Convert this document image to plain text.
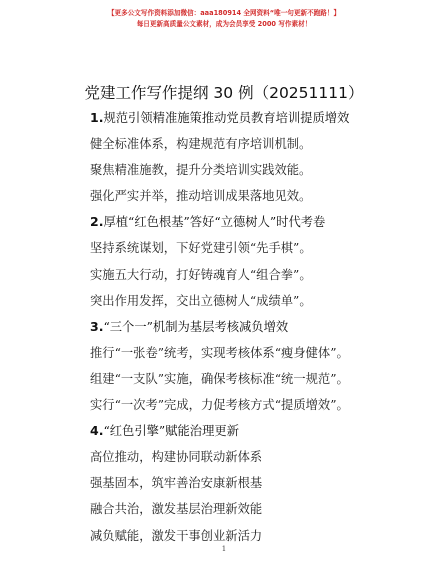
【更多公文写作资料添加微信：aaa180914 全网资料“唯一句更新不跑路！】
每日更新高质量公文素材，成为会员享受 2000 写作素材！
党建工作写作提纲 30 例（20251111）
1.规范引领精准施策推动党员教育培训提质增效
健全标准体系，构建规范有序培训机制。
聚焦精准施教，提升分类培训实践效能。
强化严实并举，推动培训成果落地见效。
2.厚植“红色根基”答好“立德树人”时代考卷
坚持系统谋划，下好党建引领“先手棋”。
实施五大行动，打好铸魂育人“组合拳”。
突出作用发挥，交出立德树人“成绩单”。
3.“三个一”机制为基层考核减负增效
推行“一张卷”统考，实现考核体系“瘦身健体”。
组建“一支队”实施，确保考核标准“统一规范”。
实行“一次考”完成，力促考核方式“提质增效”。
4.“红色引擎”赋能治理更新
高位推动，构建协同联动新体系
强基固本，筑牢善治安康新根基
融合共治，激发基层治理新效能
减负赋能，激发干事创业新活力
1
